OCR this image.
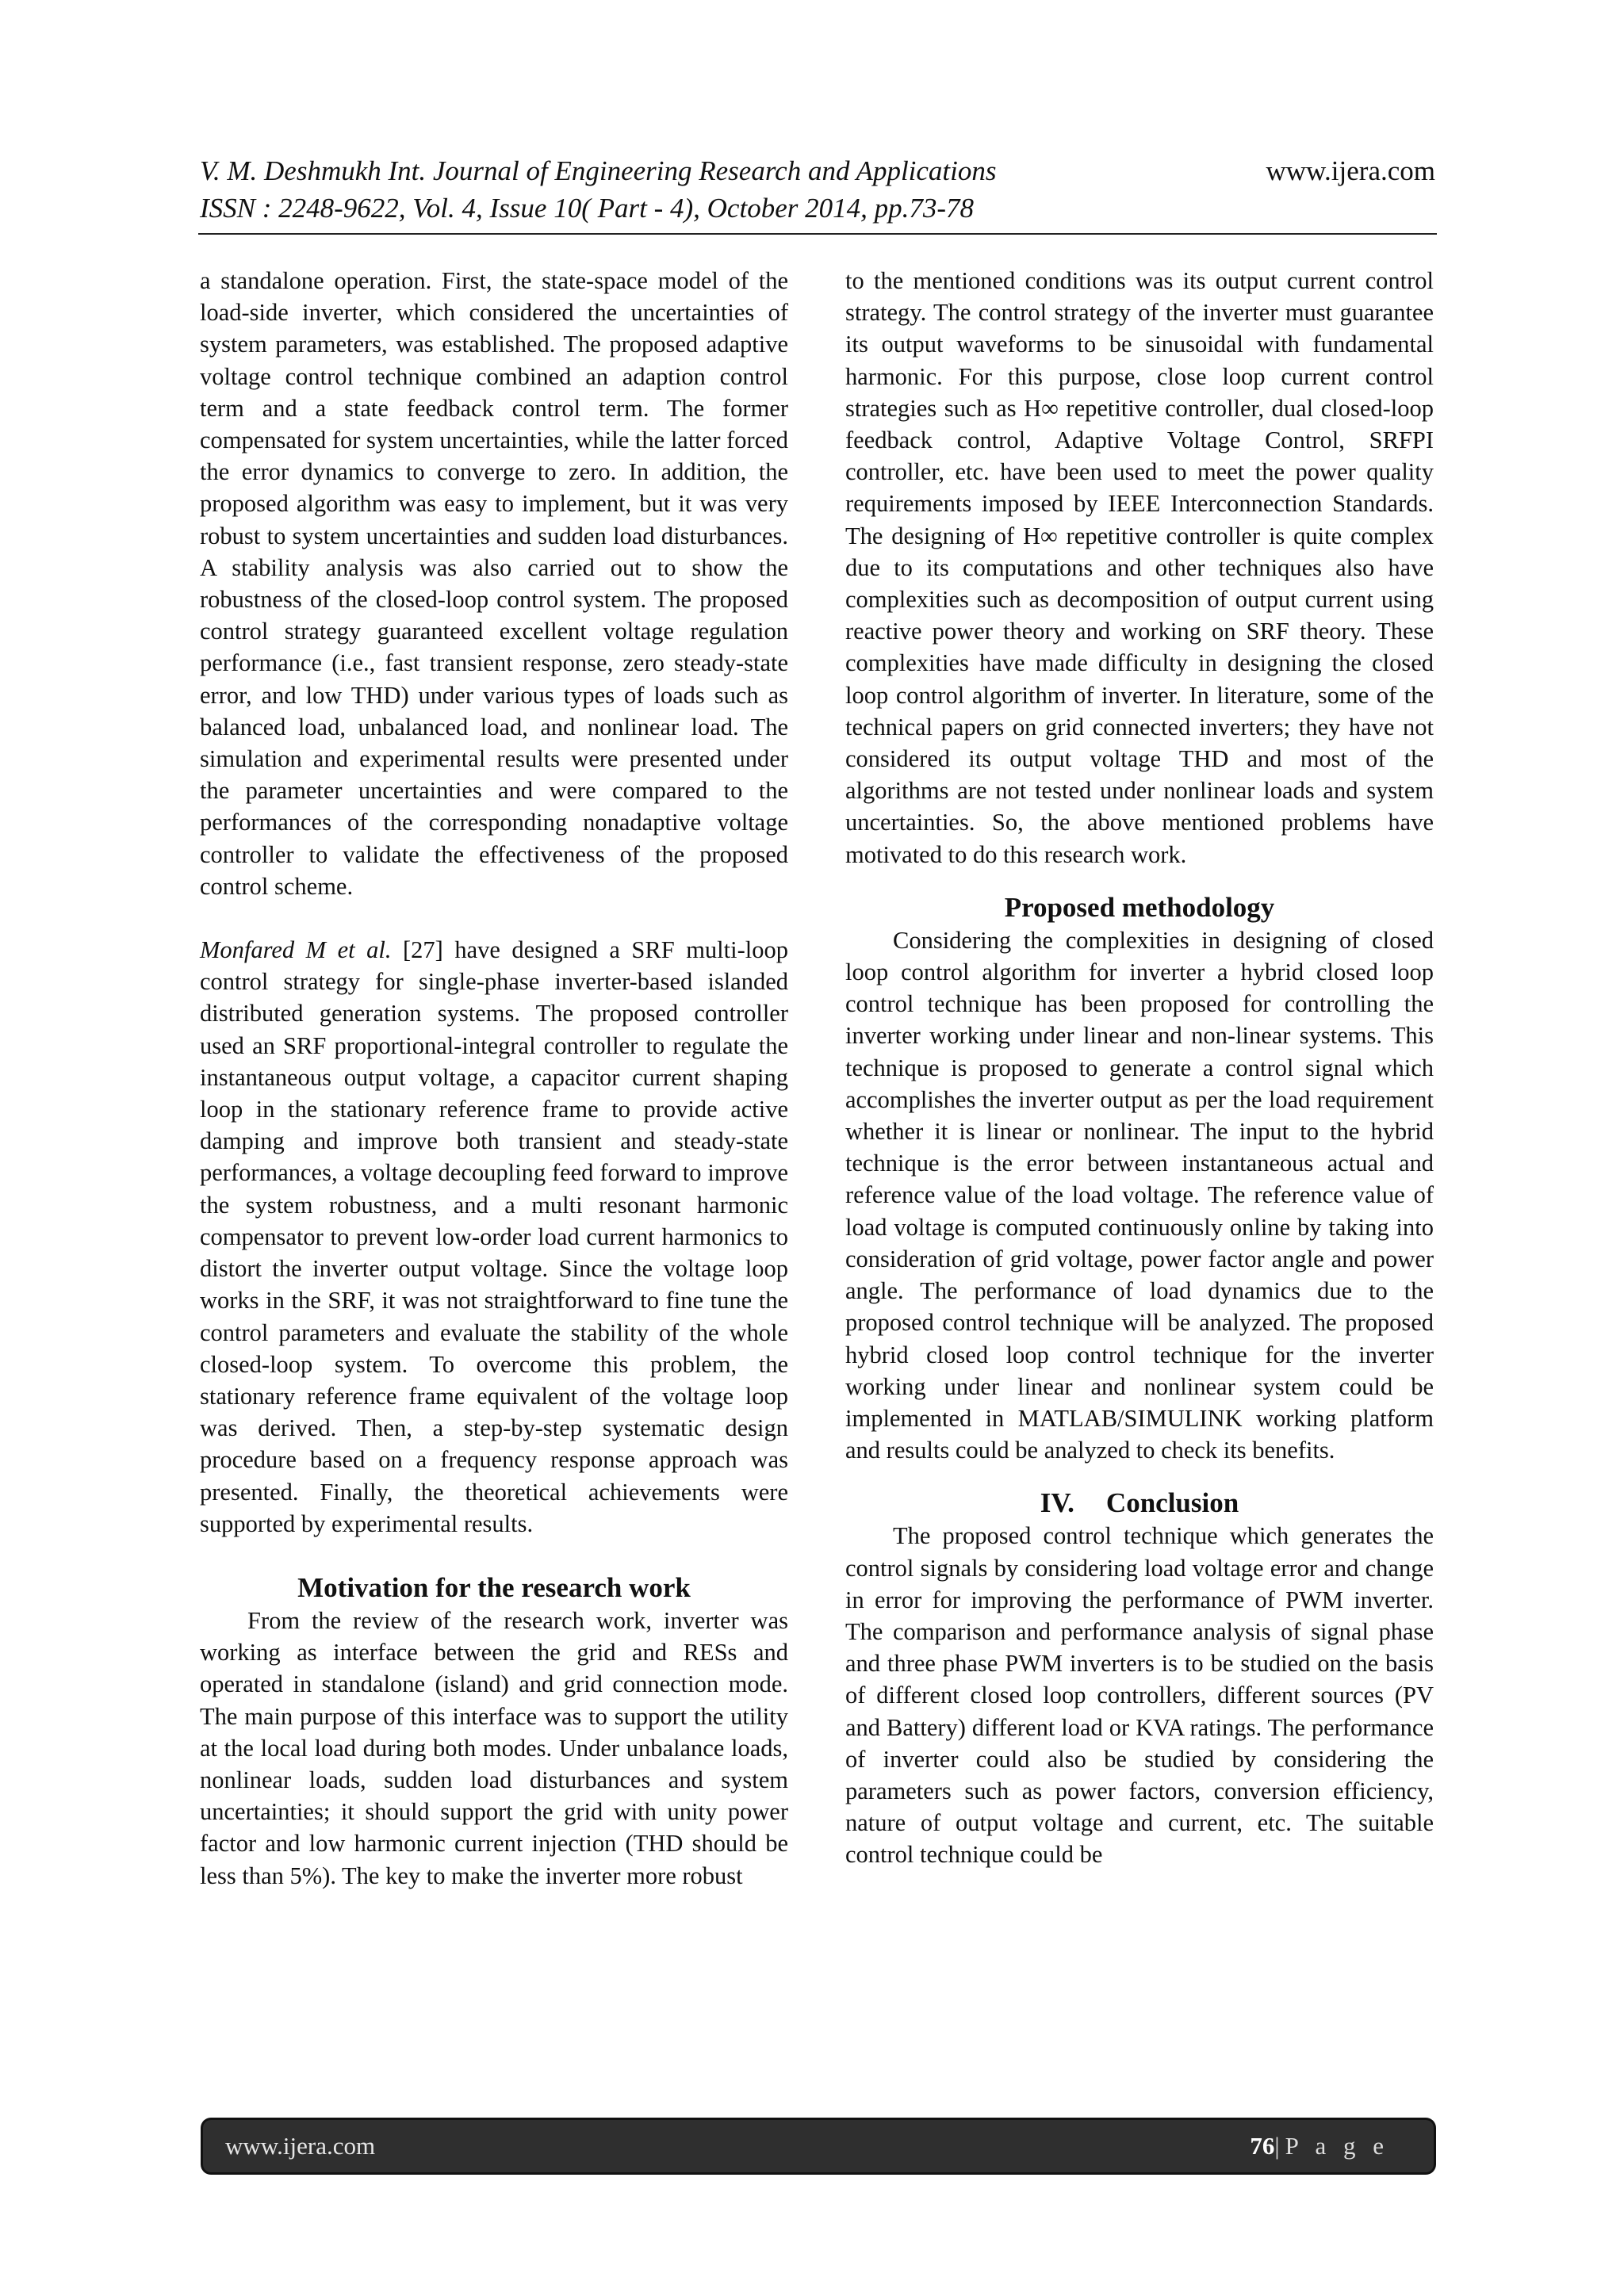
V. M. Deshmukh Int. Journal of Engineering Research and Applications	www.ijera.com
ISSN : 2248-9622, Vol. 4, Issue 10( Part - 4), October 2014, pp.73-78

a standalone operation. First, the state-space model of the load-side inverter, which considered the uncertainties of system parameters, was established. The proposed adaptive voltage control technique combined an adaption control term and a state feedback control term. The former compensated for system uncertainties, while the latter forced the error dynamics to converge to zero. In addition, the proposed algorithm was easy to implement, but it was very robust to system uncertainties and sudden load disturbances. A stability analysis was also carried out to show the robustness of the closed-loop control system. The proposed control strategy guaranteed excellent voltage regulation performance (i.e., fast transient response, zero steady-state error, and low THD) under various types of loads such as balanced load, unbalanced load, and nonlinear load. The simulation and experimental results were presented under the parameter uncertainties and were compared to the performances of the corresponding nonadaptive voltage controller to validate the effectiveness of the proposed control scheme.

Monfared M et al. [27] have designed a SRF multi-loop control strategy for single-phase inverter-based islanded distributed generation systems. The proposed controller used an SRF proportional-integral controller to regulate the instantaneous output voltage, a capacitor current shaping loop in the stationary reference frame to provide active damping and improve both transient and steady-state performances, a voltage decoupling feed forward to improve the system robustness, and a multi resonant harmonic compensator to prevent low-order load current harmonics to distort the inverter output voltage. Since the voltage loop works in the SRF, it was not straightforward to fine tune the control parameters and evaluate the stability of the whole closed-loop system. To overcome this problem, the stationary reference frame equivalent of the voltage loop was derived. Then, a step-by-step systematic design procedure based on a frequency response approach was presented. Finally, the theoretical achievements were supported by experimental results.

Motivation for the research work

From the review of the research work, inverter was working as interface between the grid and RESs and operated in standalone (island) and grid connection mode. The main purpose of this interface was to support the utility at the local load during both modes. Under unbalance loads, nonlinear loads, sudden load disturbances and system uncertainties; it should support the grid with unity power factor and low harmonic current injection (THD should be less than 5%). The key to make the inverter more robust

to the mentioned conditions was its output current control strategy. The control strategy of the inverter must guarantee its output waveforms to be sinusoidal with fundamental harmonic. For this purpose, close loop current control strategies such as H∞ repetitive controller, dual closed-loop feedback control, Adaptive Voltage Control, SRFPI controller, etc. have been used to meet the power quality requirements imposed by IEEE Interconnection Standards. The designing of H∞ repetitive controller is quite complex due to its computations and other techniques also have complexities such as decomposition of output current using reactive power theory and working on SRF theory. These complexities have made difficulty in designing the closed loop control algorithm of inverter. In literature, some of the technical papers on grid connected inverters; they have not considered its output voltage THD and most of the algorithms are not tested under nonlinear loads and system uncertainties. So, the above mentioned problems have motivated to do this research work.

Proposed methodology

Considering the complexities in designing of closed loop control algorithm for inverter a hybrid closed loop control technique has been proposed for controlling the inverter working under linear and non-linear systems. This technique is proposed to generate a control signal which accomplishes the inverter output as per the load requirement whether it is linear or nonlinear. The input to the hybrid technique is the error between instantaneous actual and reference value of the load voltage. The reference value of load voltage is computed continuously online by taking into consideration of grid voltage, power factor angle and power angle. The performance of load dynamics due to the proposed control technique will be analyzed. The proposed hybrid closed loop control technique for the inverter working under linear and nonlinear system could be implemented in MATLAB/SIMULINK working platform and results could be analyzed to check its benefits.

IV. Conclusion

The proposed control technique which generates the control signals by considering load voltage error and change in error for improving the performance of PWM inverter. The comparison and performance analysis of signal phase and three phase PWM inverters is to be studied on the basis of different closed loop controllers, different sources (PV and Battery) different load or KVA ratings. The performance of inverter could also be studied by considering the parameters such as power factors, conversion efficiency, nature of output voltage and current, etc. The suitable control technique could be

www.ijera.com	76|P a g e
